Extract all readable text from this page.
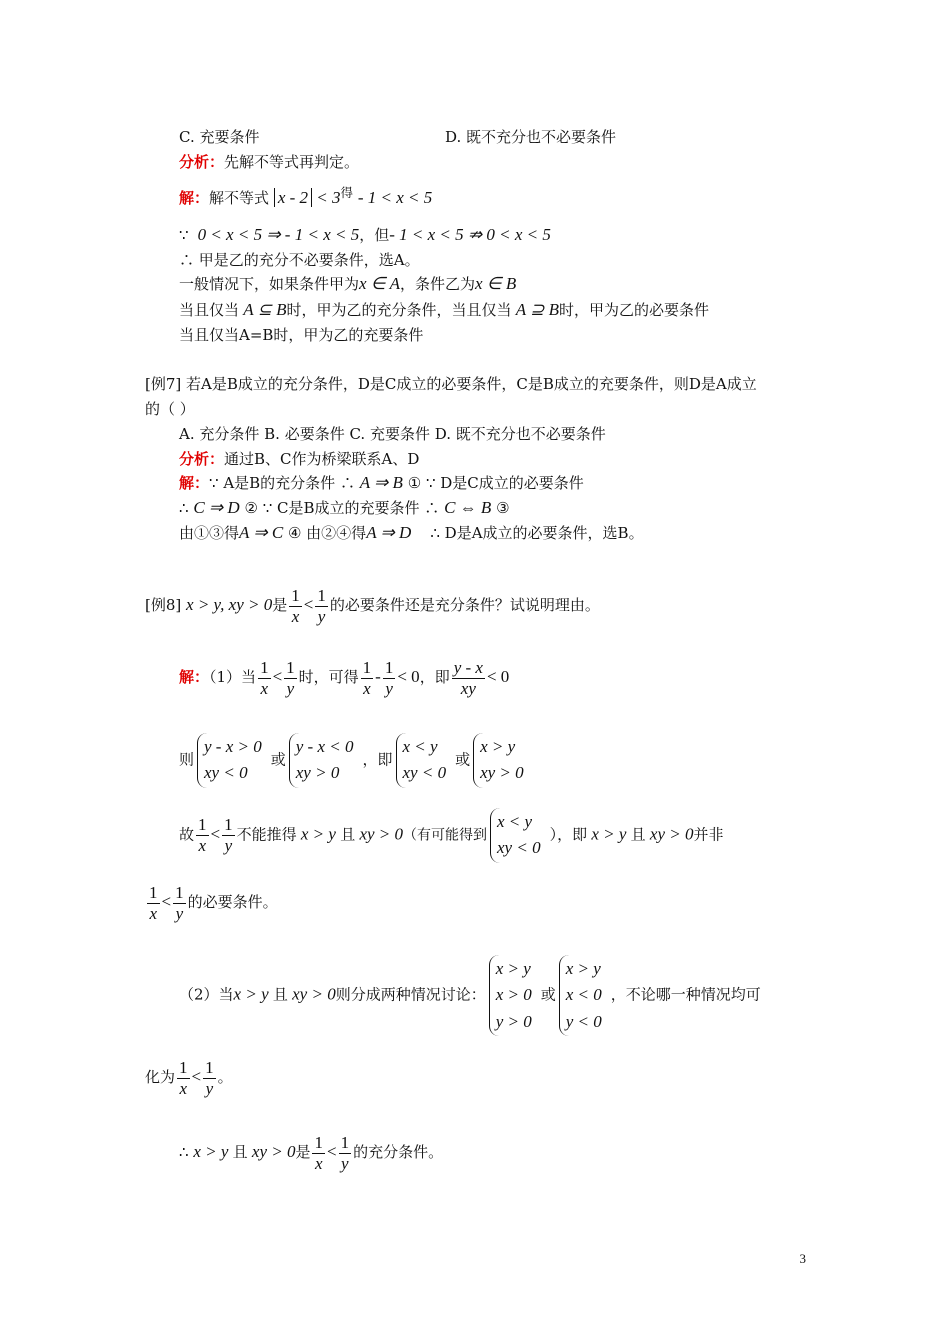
C. 充要条件	D. 既不充分也不必要条件
分析：先解不等式再判定。
解：解不等式 $x - 2 < 3^得 - 1 < x < 5$
∵  0 < x < 5 ⇒ - 1 < x < 5，但- 1 < x < 5 ⇏ 0 < x < 5
∴ 甲是乙的充分不必要条件，选A。
一般情况下，如果条件甲为x ∈ A，条件乙为x ∈ B
当且仅当 A ⊆ B时，甲为乙的充分条件，当且仅当 A ⊇ B时，甲为乙的必要条件
当且仅当A=B时，甲为乙的充要条件
[例7] 若A是B成立的充分条件，D是C成立的必要条件，C是B成立的充要条件，则D是A成立
的（ ）
A. 充分条件 B. 必要条件 C. 充要条件 D. 既不充分也不必要条件
分析：通过B、C作为桥梁联系A、D
解：∵ A是B的充分条件 ∴ A ⇒ B ① ∵ D是C成立的必要条件
∴ C ⇒ D ② ∵ C是B成立的充要条件 ∴ C ⇔ B ③
由①③得A ⇒ C ④ 由②④得A ⇒ D ∴ D是A成立的必要条件，选B。
[例8] x > y, xy > 0是 $\frac{1}{x} < \frac{1}{y}$ 的必要条件还是充分条件？试说明理由。
解：（1）当 $\frac{1}{x} < \frac{1}{y}$ 时，可得 $\frac{1}{x} - \frac{1}{y} < 0$，即 $\frac{y - x}{xy} < 0$
则
y - x > 0
xy < 0
或
y - x < 0
xy > 0
，即
x < y
xy < 0
或
x > y
xy > 0
故 $\frac{1}{x} < \frac{1}{y}$ 不能推得 x > y 且 xy > 0（有可能得到
x < y
xy < 0
），即 x > y 且 xy > 0并非
$\frac{1}{x} < \frac{1}{y}$ 的必要条件。
（2）当x > y 且 xy > 0则分成两种情况讨论：
x > y
x > 0
y > 0
或
x > y
x < 0
y < 0
，不论哪一种情况均可
化为 $\frac{1}{x} < \frac{1}{y}$ 。
∴ x > y 且 xy > 0是 $\frac{1}{x} < \frac{1}{y}$ 的充分条件。
3
